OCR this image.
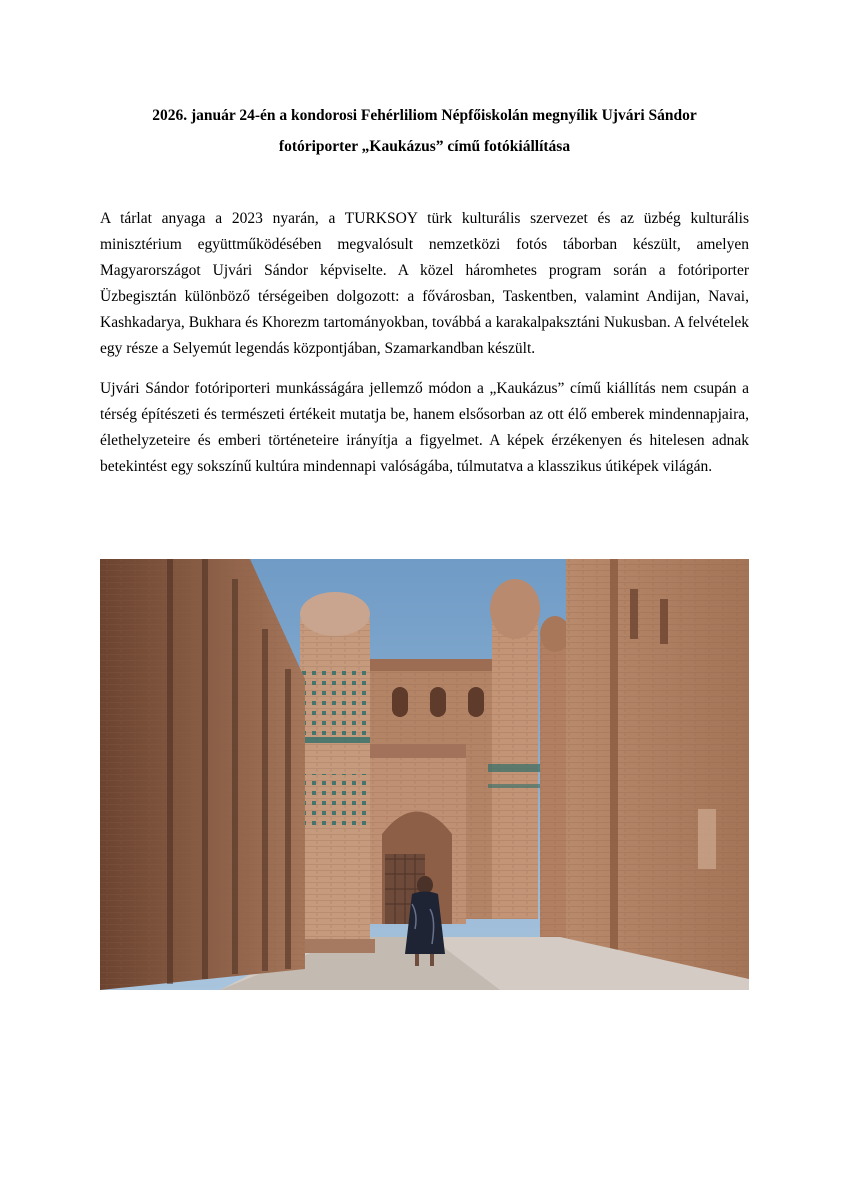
2026. január 24-én a kondorosi Fehérliliom Népfőiskolán megnyílik Ujvári Sándor
fotóriporter „Kaukázus” című fotókiállítása

A tárlat anyaga a 2023 nyarán, a TURKSOY türk kulturális szervezet és az üzbég kulturális minisztérium együttműködésében megvalósult nemzetközi fotós táborban készült, amelyen Magyarországot Ujvári Sándor képviselte. A közel háromhetes program során a fotóriporter Üzbegisztán különböző térségeiben dolgozott: a fővárosban, Taskentben, valamint Andijan, Navai, Kashkadarya, Bukhara és Khorezm tartományokban, továbbá a karakalpaksztáni Nukusban. A felvételek egy része a Selyemút legendás központjában, Szamarkandban készült.

Ujvári Sándor fotóriporteri munkásságára jellemző módon a „Kaukázus” című kiállítás nem csupán a térség építészeti és természeti értékeit mutatja be, hanem elsősorban az ott élő emberek mindennapjaira, élethelyzeteire és emberi történeteire irányítja a figyelmet. A képek érzékenyen és hitelesen adnak betekintést egy sokszínű kultúra mindennapi valóságába, túlmutatva a klasszikus útiképek világán.
